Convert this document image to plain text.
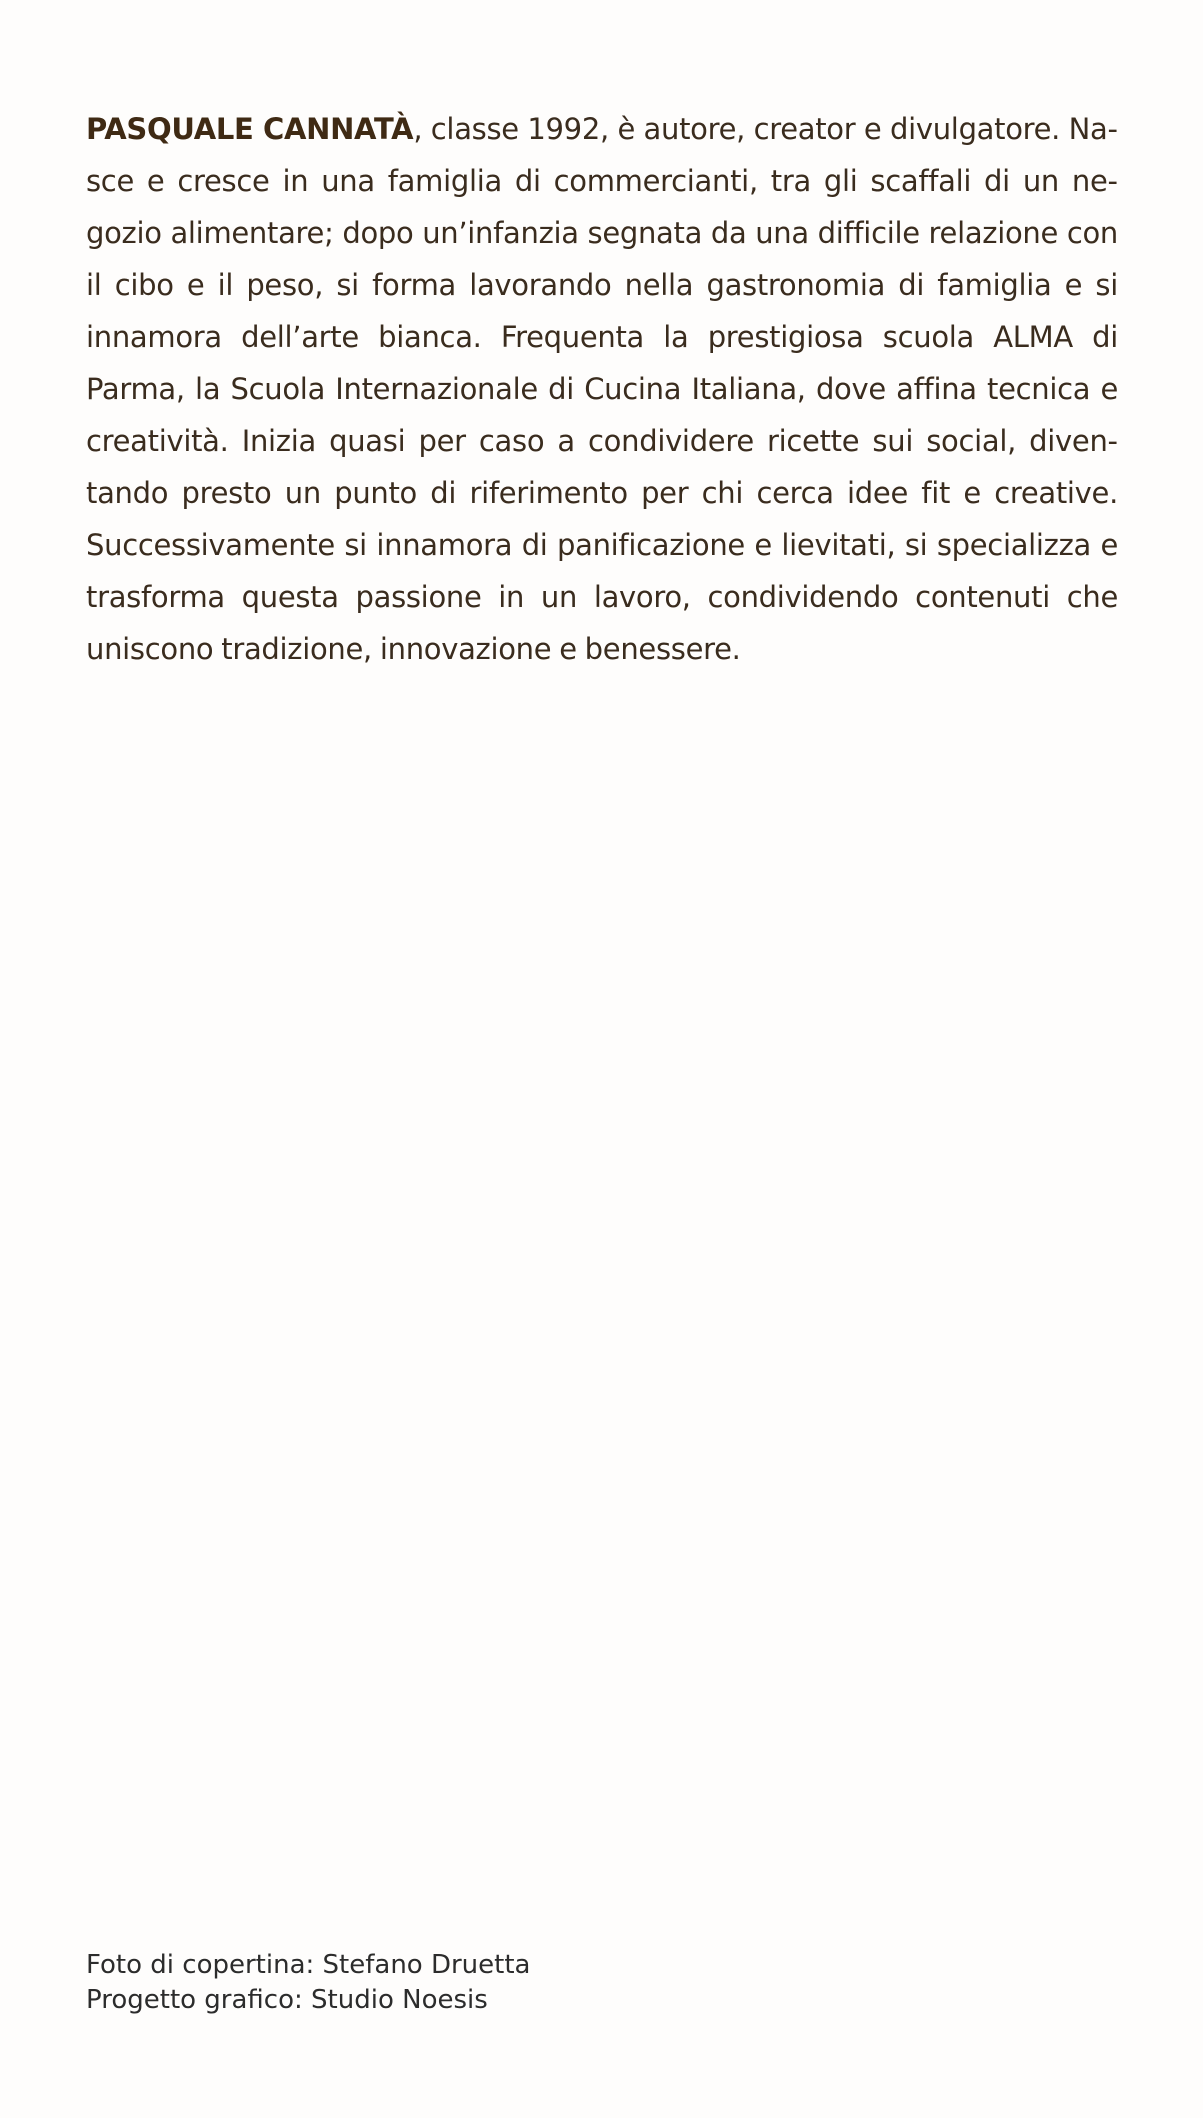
PASQUALE CANNATÀ, classe 1992, è autore, creator e divulgatore. Nasce e cresce in una famiglia di commercianti, tra gli scaffali di un negozio alimentare; dopo un’infanzia segnata da una difficile relazione con il cibo e il peso, si forma lavorando nella gastronomia di famiglia e si innamora dell’arte bianca. Frequenta la prestigiosa scuola ALMA di Parma, la Scuola Internazionale di Cucina Italiana, dove affina tecnica e creatività. Inizia quasi per caso a condividere ricette sui social, diventando presto un punto di riferimento per chi cerca idee fit e creative. Successivamente si innamora di panificazione e lievitati, si specializza e trasforma questa passione in un lavoro, condividendo contenuti che uniscono tradizione, innovazione e benessere.

Foto di copertina: Stefano Druetta
Progetto grafico: Studio Noesis
